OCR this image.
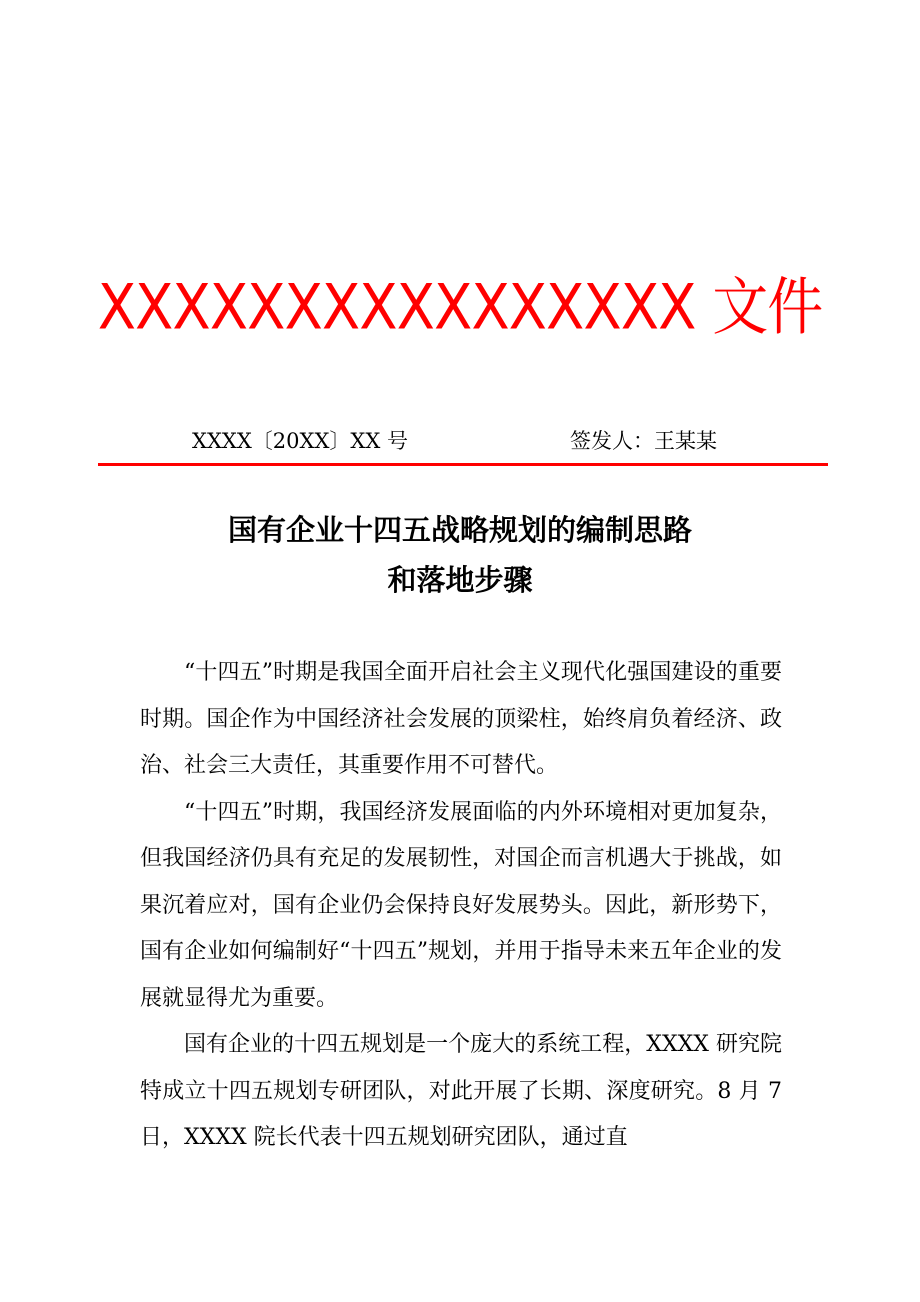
XXXXXXXXXXXXXXXX 文件
XXXX〔20XX〕XX 号	签发人：王某某
国有企业十四五战略规划的编制思路
和落地步骤

“十四五”时期是我国全面开启社会主义现代化强国建设的重要时期。国企作为中国经济社会发展的顶梁柱，始终肩负着经济、政治、社会三大责任，其重要作用不可替代。

“十四五”时期，我国经济发展面临的内外环境相对更加复杂，但我国经济仍具有充足的发展韧性，对国企而言机遇大于挑战，如果沉着应对，国有企业仍会保持良好发展势头。因此，新形势下，国有企业如何编制好“十四五”规划，并用于指导未来五年企业的发展就显得尤为重要。

国有企业的十四五规划是一个庞大的系统工程，XXXX 研究院特成立十四五规划专研团队，对此开展了长期、深度研究。8 月 7 日，XXXX 院长代表十四五规划研究团队，通过直
